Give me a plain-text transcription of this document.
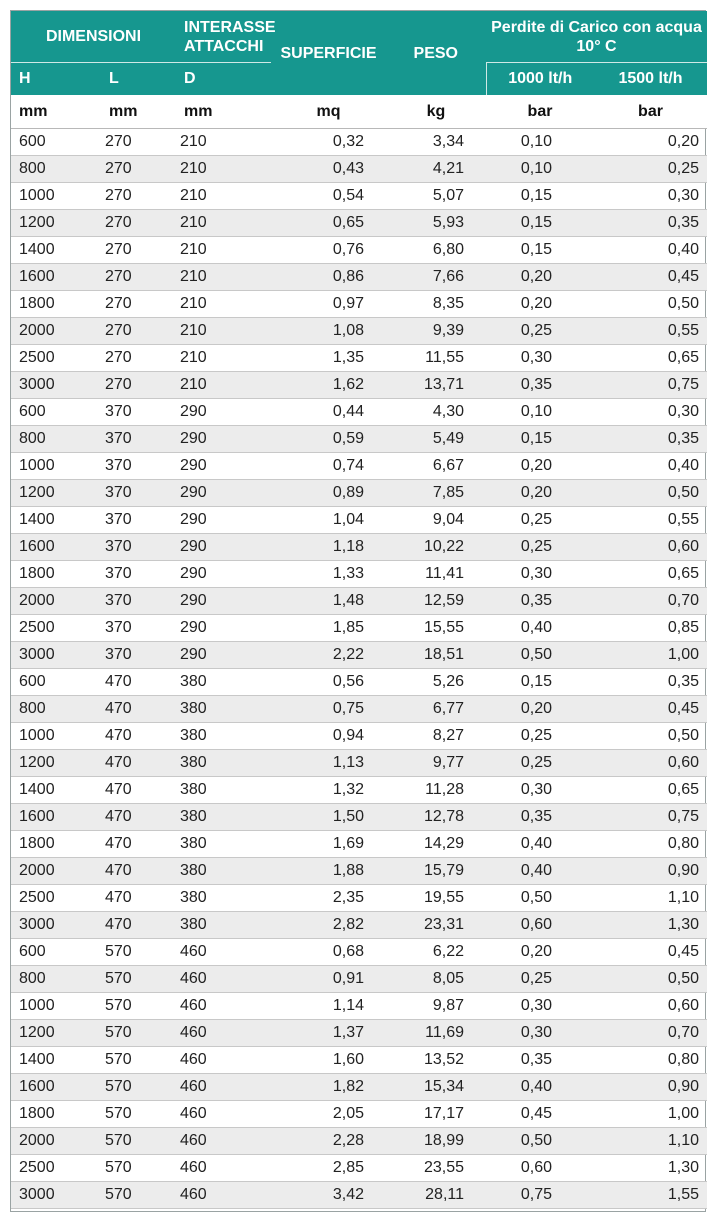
DIMENSIONI		INTERASSE ATTACCHI	SUPERFICIE	PESO	Perdite di Carico con acqua 10° C	
H	L	D			1000 lt/h	1500 lt/h
mm	mm	mm	mq	kg	bar	bar
600	270	210	0,32	3,34	0,10	0,20
800	270	210	0,43	4,21	0,10	0,25
1000	270	210	0,54	5,07	0,15	0,30
1200	270	210	0,65	5,93	0,15	0,35
1400	270	210	0,76	6,80	0,15	0,40
1600	270	210	0,86	7,66	0,20	0,45
1800	270	210	0,97	8,35	0,20	0,50
2000	270	210	1,08	9,39	0,25	0,55
2500	270	210	1,35	11,55	0,30	0,65
3000	270	210	1,62	13,71	0,35	0,75
600	370	290	0,44	4,30	0,10	0,30
800	370	290	0,59	5,49	0,15	0,35
1000	370	290	0,74	6,67	0,20	0,40
1200	370	290	0,89	7,85	0,20	0,50
1400	370	290	1,04	9,04	0,25	0,55
1600	370	290	1,18	10,22	0,25	0,60
1800	370	290	1,33	11,41	0,30	0,65
2000	370	290	1,48	12,59	0,35	0,70
2500	370	290	1,85	15,55	0,40	0,85
3000	370	290	2,22	18,51	0,50	1,00
600	470	380	0,56	5,26	0,15	0,35
800	470	380	0,75	6,77	0,20	0,45
1000	470	380	0,94	8,27	0,25	0,50
1200	470	380	1,13	9,77	0,25	0,60
1400	470	380	1,32	11,28	0,30	0,65
1600	470	380	1,50	12,78	0,35	0,75
1800	470	380	1,69	14,29	0,40	0,80
2000	470	380	1,88	15,79	0,40	0,90
2500	470	380	2,35	19,55	0,50	1,10
3000	470	380	2,82	23,31	0,60	1,30
600	570	460	0,68	6,22	0,20	0,45
800	570	460	0,91	8,05	0,25	0,50
1000	570	460	1,14	9,87	0,30	0,60
1200	570	460	1,37	11,69	0,30	0,70
1400	570	460	1,60	13,52	0,35	0,80
1600	570	460	1,82	15,34	0,40	0,90
1800	570	460	2,05	17,17	0,45	1,00
2000	570	460	2,28	18,99	0,50	1,10
2500	570	460	2,85	23,55	0,60	1,30
3000	570	460	3,42	28,11	0,75	1,55
